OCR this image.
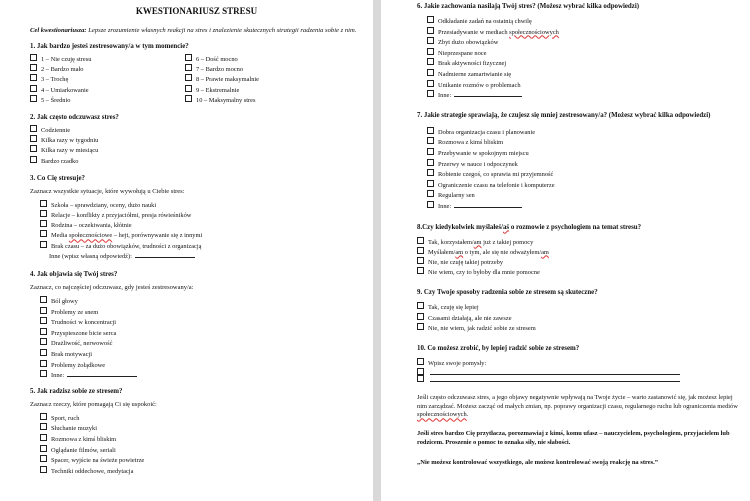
KWESTIONARIUSZ STRESU
Cel kwestionariusza: Lepsze zrozumienie własnych reakcji na stres i znalezienie skutecznych strategii radzenia sobie z nim.
1. Jak bardzo jesteś zestresowany/a w tym momencie?
1 – Nie czuję stresu
2 – Bardzo mało
3 – Trochę
4 – Umiarkowanie
5 – Średnio
6 – Dość mocno
7 – Bardzo mocno
8 – Prawie maksymalnie
9 – Ekstremalnie
10 – Maksymalny stres
2. Jak często odczuwasz stres?
Codziennie
Kilka razy w tygodniu
Kilka razy w miesiącu
Bardzo rzadko
3. Co Cię stresuje?
Zaznacz wszystkie sytuacje, które wywołują u Ciebie stres:
Szkoła – sprawdziany, oceny, dużo nauki
Relacje – konflikty z przyjaciółmi, presja rówieśników
Rodzina – oczekiwania, kłótnie
Media społecznościowe – hejt, porównywanie się z innymi
Brak czasu – za dużo obowiązków, trudności z organizacją
Inne (wpisz własną odpowiedź):
4. Jak objawia się Twój stres?
Zaznacz, co najczęściej odczuwasz, gdy jesteś zestresowany/a:
Ból głowy
Problemy ze snem
Trudności w koncentracji
Przyspieszone bicie serca
Drażliwość, nerwowość
Brak motywacji
Problemy żołądkowe
Inne:
5. Jak radzisz sobie ze stresem?
Zaznacz rzeczy, które pomagają Ci się uspokoić:
Sport, ruch
Słuchanie muzyki
Rozmowa z kimś bliskim
Oglądanie filmów, seriali
Spacer, wyjście na świeże powietrze
Techniki oddechowe, medytacja
6. Jakie zachowania nasilają Twój stres? (Możesz wybrać kilka odpowiedzi)
Odkładanie zadań na ostatnią chwilę
Przesiadywanie w mediach społecznościowych
Zbyt dużo obowiązków
Nieprzespane noce
Brak aktywności fizycznej
Nadmierne zamartwianie się
Unikanie rozmów o problemach
Inne:
7. Jakie strategie sprawiają, że czujesz się mniej zestresowany/a? (Możesz wybrać kilka odpowiedzi)
Dobra organizacja czasu i planowanie
Rozmowa z kimś bliskim
Przebywanie w spokojnym miejscu
Przerwy w nauce i odpoczynek
Robienie czegoś, co sprawia mi przyjemność
Ograniczenie czasu na telefonie i komputerze
Regularny sen
Inne:
8.Czy kiedykolwiek myślałeś/aś o rozmowie z psychologiem na temat stresu?
Tak, korzystałem/am już z takiej pomocy
Myślałem/am o tym, ale się nie odważyłem/am
Nie, nie czuję takiej potrzeby
Nie wiem, czy to byłoby dla mnie pomocne
9. Czy Twoje sposoby radzenia sobie ze stresem są skuteczne?
Tak, czuję się lepiej
Czasami działają, ale nie zawsze
Nie, nie wiem, jak radzić sobie ze stresem
10. Co możesz zrobić, by lepiej radzić sobie ze stresem?
Wpisz swoje pomysły:
Jeśli często odczuwasz stres, a jego objawy negatywnie wpływają na Twoje życie – warto zastanowić się, jak możesz lepiej nim zarządzać. Możesz zacząć od małych zmian, np. poprawy organizacji czasu, regularnego ruchu lub ograniczenia mediów społecznościowych.
Jeśli stres bardzo Cię przytłacza, porozmawiaj z kimś, komu ufasz – nauczycielem, psychologiem, przyjacielem lub rodzicem. Proszenie o pomoc to oznaka siły, nie słabości.
„Nie możesz kontrolować wszystkiego, ale możesz kontrolować swoją reakcję na stres.”
